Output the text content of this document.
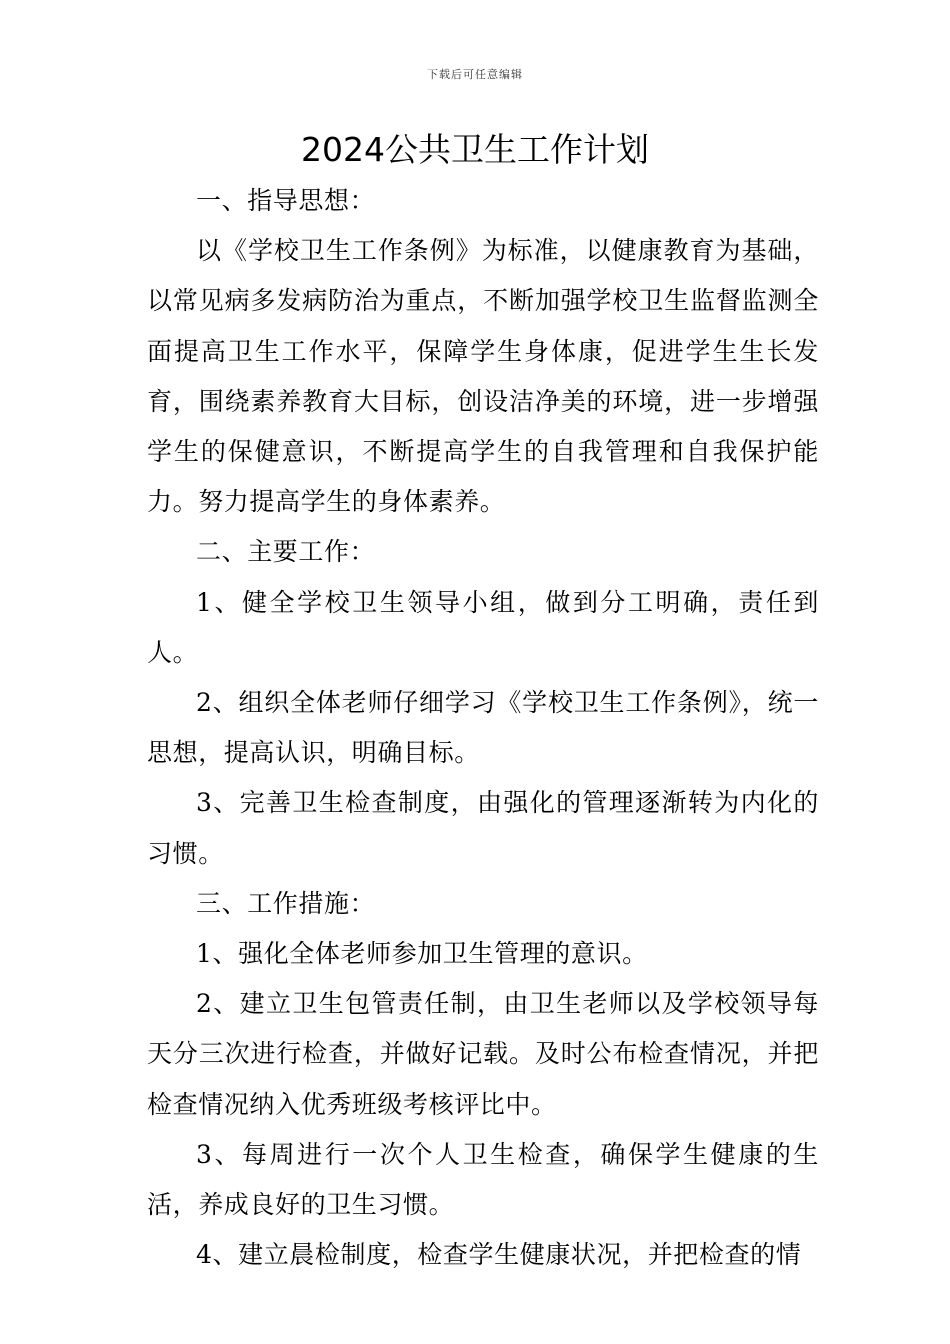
下载后可任意编辑
2024公共卫生工作计划

一、指导思想：

以《学校卫生工作条例》为标准，以健康教育为基础，以常见病多发病防治为重点，不断加强学校卫生监督监测全面提高卫生工作水平，保障学生身体康，促进学生生长发育，围绕素养教育大目标，创设洁净美的环境，进一步增强学生的保健意识，不断提高学生的自我管理和自我保护能力。努力提高学生的身体素养。

二、主要工作：

1、健全学校卫生领导小组，做到分工明确，责任到人。

2、组织全体老师仔细学习《学校卫生工作条例》，统一思想，提高认识，明确目标。

3、完善卫生检查制度，由强化的管理逐渐转为内化的习惯。

三、工作措施：

1、强化全体老师参加卫生管理的意识。

2、建立卫生包管责任制，由卫生老师以及学校领导每天分三次进行检查，并做好记载。及时公布检查情况，并把检查情况纳入优秀班级考核评比中。

3、每周进行一次个人卫生检查，确保学生健康的生活，养成良好的卫生习惯。

4、建立晨检制度，检查学生健康状况，并把检查的情
